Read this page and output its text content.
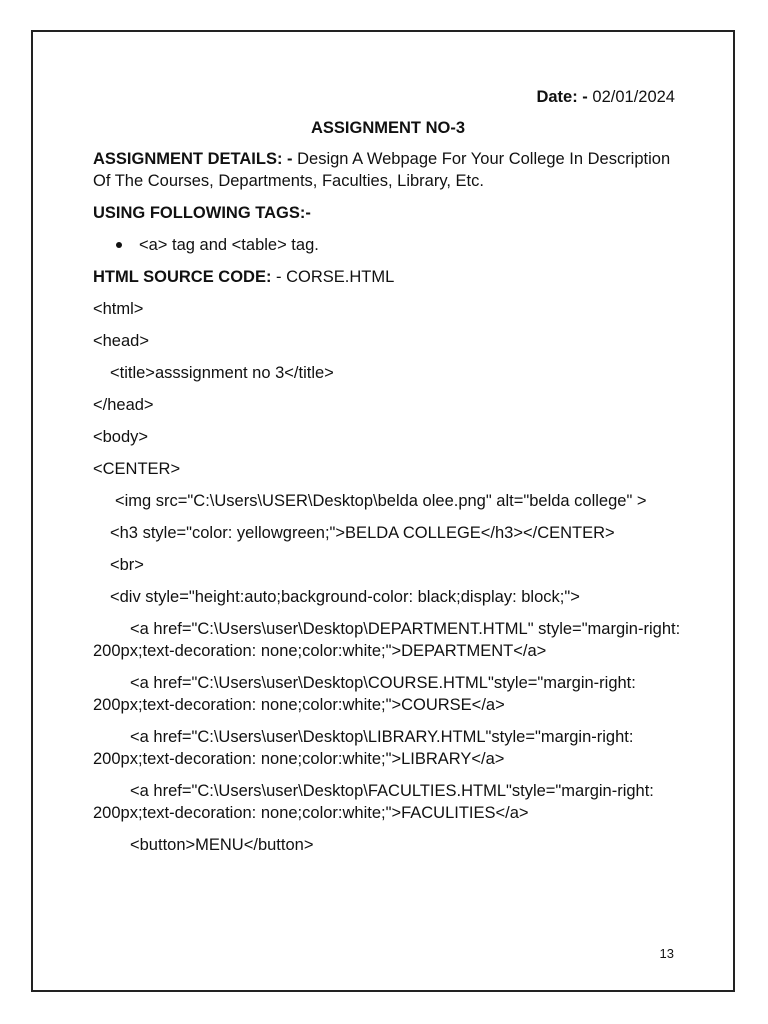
Date: - 02/01/2024
ASSIGNMENT NO-3
ASSIGNMENT DETAILS: - Design A Webpage For Your College In Description Of The Courses, Departments, Faculties, Library, Etc.
USING FOLLOWING TAGS:-
<a> tag and <table> tag.
HTML SOURCE CODE: - CORSE.HTML
<html>
<head>
<title>asssignment no 3</title>
</head>
<body>
<CENTER>
<img src="C:\Users\USER\Desktop\belda olee.png" alt="belda college" >
<h3 style="color: yellowgreen;">BELDA COLLEGE</h3></CENTER>
<br>
<div style="height:auto;background-color: black;display: block;">
<a href="C:\Users\user\Desktop\DEPARTMENT.HTML" style="margin-right: 200px;text-decoration: none;color:white;">DEPARTMENT</a>
<a href="C:\Users\user\Desktop\COURSE.HTML"style="margin-right: 200px;text-decoration: none;color:white;">COURSE</a>
<a href="C:\Users\user\Desktop\LIBRARY.HTML"style="margin-right: 200px;text-decoration: none;color:white;">LIBRARY</a>
<a href="C:\Users\user\Desktop\FACULTIES.HTML"style="margin-right: 200px;text-decoration: none;color:white;">FACULITIES</a>
<button>MENU</button>
13
